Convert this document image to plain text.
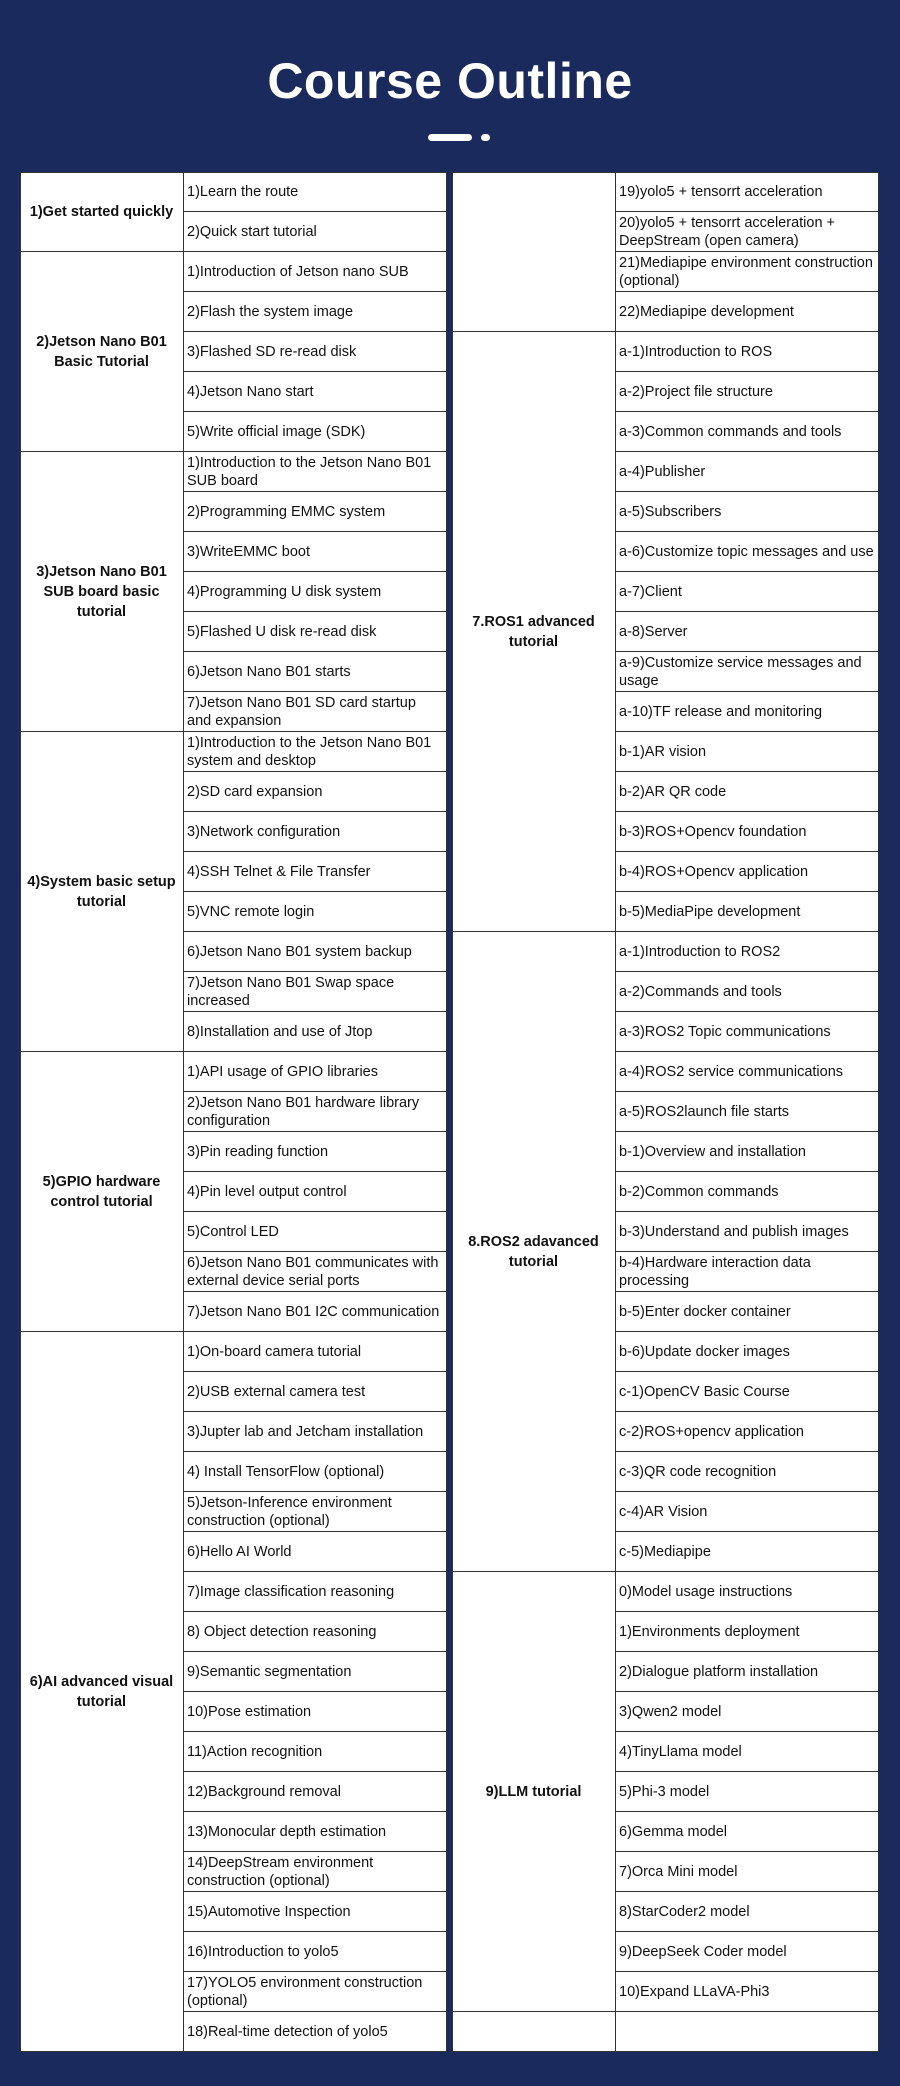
Course Outline
1)Get started quickly
1)Learn the route
2)Quick start tutorial
2)Jetson Nano B01 Basic Tutorial
1)Introduction of Jetson nano SUB
2)Flash the system image
3)Flashed SD re-read disk
4)Jetson Nano start
5)Write official image (SDK)
3)Jetson Nano B01 SUB board basic tutorial
1)Introduction to the Jetson Nano B01 SUB board
2)Programming EMMC system
3)WriteEMMC boot
4)Programming U disk system
5)Flashed U disk re-read disk
6)Jetson Nano B01 starts
7)Jetson Nano B01 SD card startup and expansion
4)System basic setup tutorial
1)Introduction to the Jetson Nano B01 system and desktop
2)SD card expansion
3)Network configuration
4)SSH Telnet & File Transfer
5)VNC remote login
6)Jetson Nano B01 system backup
7)Jetson Nano B01 Swap space increased
8)Installation and use of Jtop
5)GPIO hardware control tutorial
1)API usage of GPIO libraries
2)Jetson Nano B01 hardware library configuration
3)Pin reading function
4)Pin level output control
5)Control LED
6)Jetson Nano B01 communicates with external device serial ports
7)Jetson Nano B01 I2C communication
6)AI advanced visual tutorial
1)On-board camera tutorial
2)USB external camera test
3)Jupter lab and Jetcham installation
4) Install TensorFlow (optional)
5)Jetson-Inference environment construction (optional)
6)Hello AI World
7)Image classification reasoning
8) Object detection reasoning
9)Semantic segmentation
10)Pose estimation
11)Action recognition
12)Background removal
13)Monocular depth estimation
14)DeepStream environment construction (optional)
15)Automotive Inspection
16)Introduction to yolo5
17)YOLO5 environment construction (optional)
18)Real-time detection of yolo5
19)yolo5 + tensorrt acceleration
20)yolo5 + tensorrt acceleration + DeepStream (open camera)
21)Mediapipe environment construction (optional)
22)Mediapipe development
7.ROS1 advanced tutorial
a-1)Introduction to ROS
a-2)Project file structure
a-3)Common commands and tools
a-4)Publisher
a-5)Subscribers
a-6)Customize topic messages and use
a-7)Client
a-8)Server
a-9)Customize service messages and usage
a-10)TF release and monitoring
b-1)AR vision
b-2)AR QR code
b-3)ROS+Opencv foundation
b-4)ROS+Opencv application
b-5)MediaPipe development
8.ROS2 adavanced tutorial
a-1)Introduction to ROS2
a-2)Commands and tools
a-3)ROS2 Topic communications
a-4)ROS2 service communications
a-5)ROS2launch file starts
b-1)Overview and installation
b-2)Common commands
b-3)Understand and publish images
b-4)Hardware interaction data processing
b-5)Enter docker container
b-6)Update docker images
c-1)OpenCV Basic Course
c-2)ROS+opencv application
c-3)QR code recognition
c-4)AR Vision
c-5)Mediapipe
9)LLM tutorial
0)Model usage instructions
1)Environments deployment
2)Dialogue platform installation
3)Qwen2 model
4)TinyLlama model
5)Phi-3 model
6)Gemma model
7)Orca Mini model
8)StarCoder2 model
9)DeepSeek Coder model
10)Expand LLaVA-Phi3
